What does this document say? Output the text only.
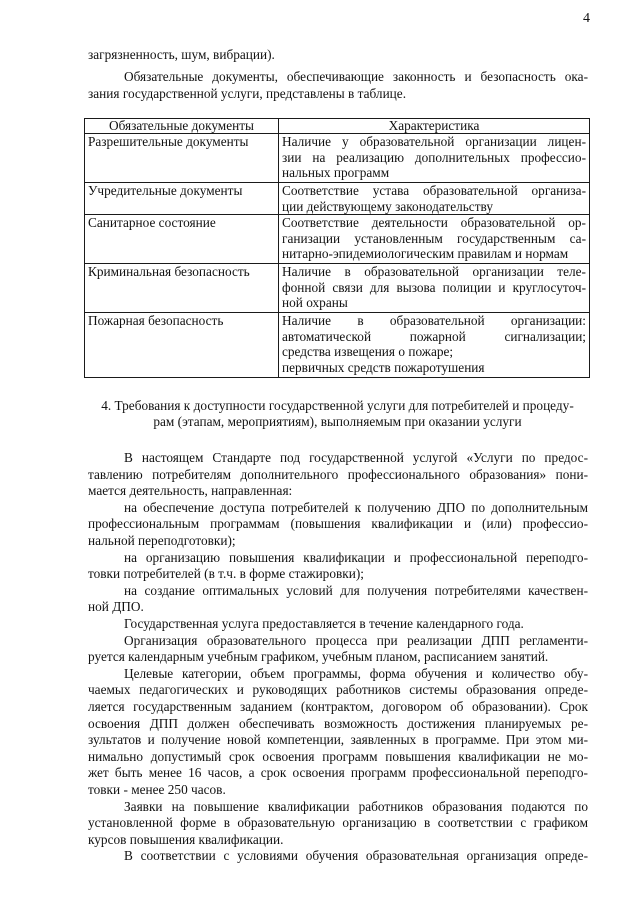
4

загрязненность, шум, вибрации).

Обязательные документы, обеспечивающие законность и безопасность ока-

зания государственной услуги, представлены в таблице.

Обязательные документы	Характеристика
Разрешительные документы	Наличие у образовательной организации лицен-
зии на реализацию дополнительных профессио-
нальных программ

Учредительные документы	Соответствие устава образовательной организа-
ции действующему законодательству

Санитарное состояние	Соответствие деятельности образовательной ор-
ганизации установленным государственным са-
нитарно-эпидемиологическим правилам и нормам

Криминальная безопасность	Наличие в образовательной организации теле-
фонной связи для вызова полиции и круглосуточ-
ной охраны

Пожарная безопасность	Наличие в образовательной организации:
автоматической пожарной сигнализации;
средства извещения о пожаре;
первичных средств пожаротушения

4. Требования к доступности государственной услуги для потребителей и процеду-

рам (этапам, мероприятиям), выполняемым при оказании услуги

В настоящем Стандарте под государственной услугой «Услуги по предос-

тавлению потребителям дополнительного профессионального образования» пони-

мается деятельность, направленная:

на обеспечение доступа потребителей к получению ДПО по дополнительным

профессиональным программам (повышения квалификации и (или) профессио-

нальной переподготовки);

на организацию повышения квалификации и профессиональной переподго-

товки потребителей (в т.ч. в форме стажировки);

на создание оптимальных условий для получения потребителями качествен-

ной ДПО.

Государственная услуга предоставляется в течение календарного года.

Организация образовательного процесса при реализации ДПП регламенти-

руется календарным учебным графиком, учебным планом, расписанием занятий.

Целевые категории, объем программы, форма обучения и количество обу-

чаемых педагогических и руководящих работников системы образования опреде-

ляется государственным заданием (контрактом, договором об образовании). Срок

освоения ДПП должен обеспечивать возможность достижения планируемых ре-

зультатов и получение новой компетенции, заявленных в программе. При этом ми-

нимально допустимый срок освоения программ повышения квалификации не мо-

жет быть менее 16 часов, а срок освоения программ профессиональной переподго-

товки - менее 250 часов.

Заявки на повышение квалификации работников образования подаются по

установленной форме в образовательную организацию в соответствии с графиком

курсов повышения квалификации.

В соответствии с условиями обучения образовательная организация опреде-
